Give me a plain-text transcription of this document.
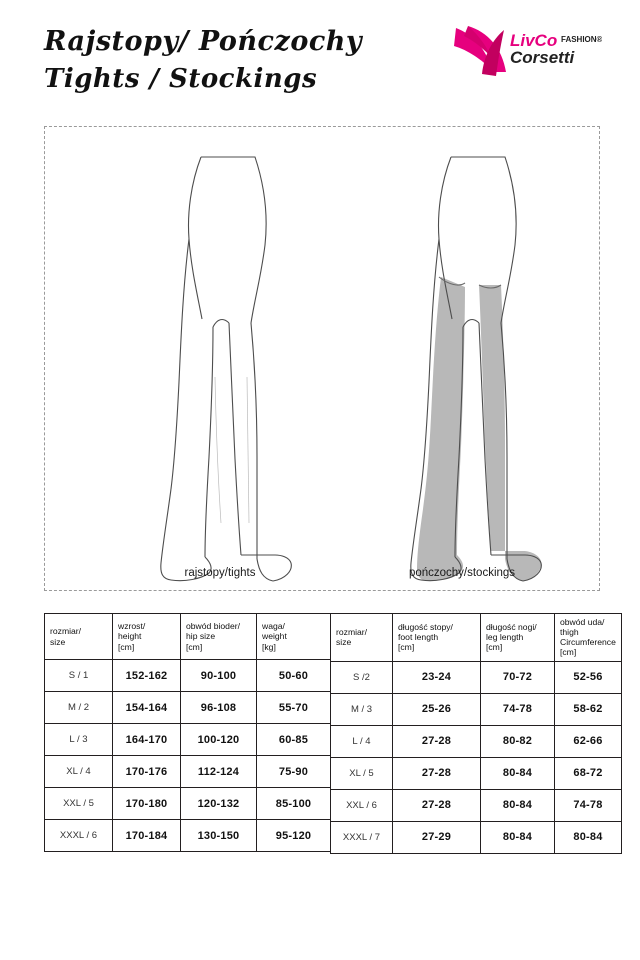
Rajstopy/ Pończochy
Tights / Stockings
LivCo FASHION®
Corsetti
rajstopy/tights	pończochy/stockings
rozmiar/
size	wzrost/
height
[cm]	obwód bioder/
hip size
[cm]	waga/
weight
[kg]

S / 1	152-162	90-100	50-60
M / 2	154-164	96-108	55-70
L / 3	164-170	100-120	60-85
XL / 4	170-176	112-124	75-90
XXL / 5	170-180	120-132	85-100
XXXL / 6	170-184	130-150	95-120
rozmiar/
size	długość stopy/
foot length
[cm]	długość nogi/
leg length
[cm]	obwód uda/
thigh
Circumference
[cm]

S /2	23-24	70-72	52-56
M / 3	25-26	74-78	58-62
L / 4	27-28	80-82	62-66
XL / 5	27-28	80-84	68-72
XXL / 6	27-28	80-84	74-78
XXXL / 7	27-29	80-84	80-84
